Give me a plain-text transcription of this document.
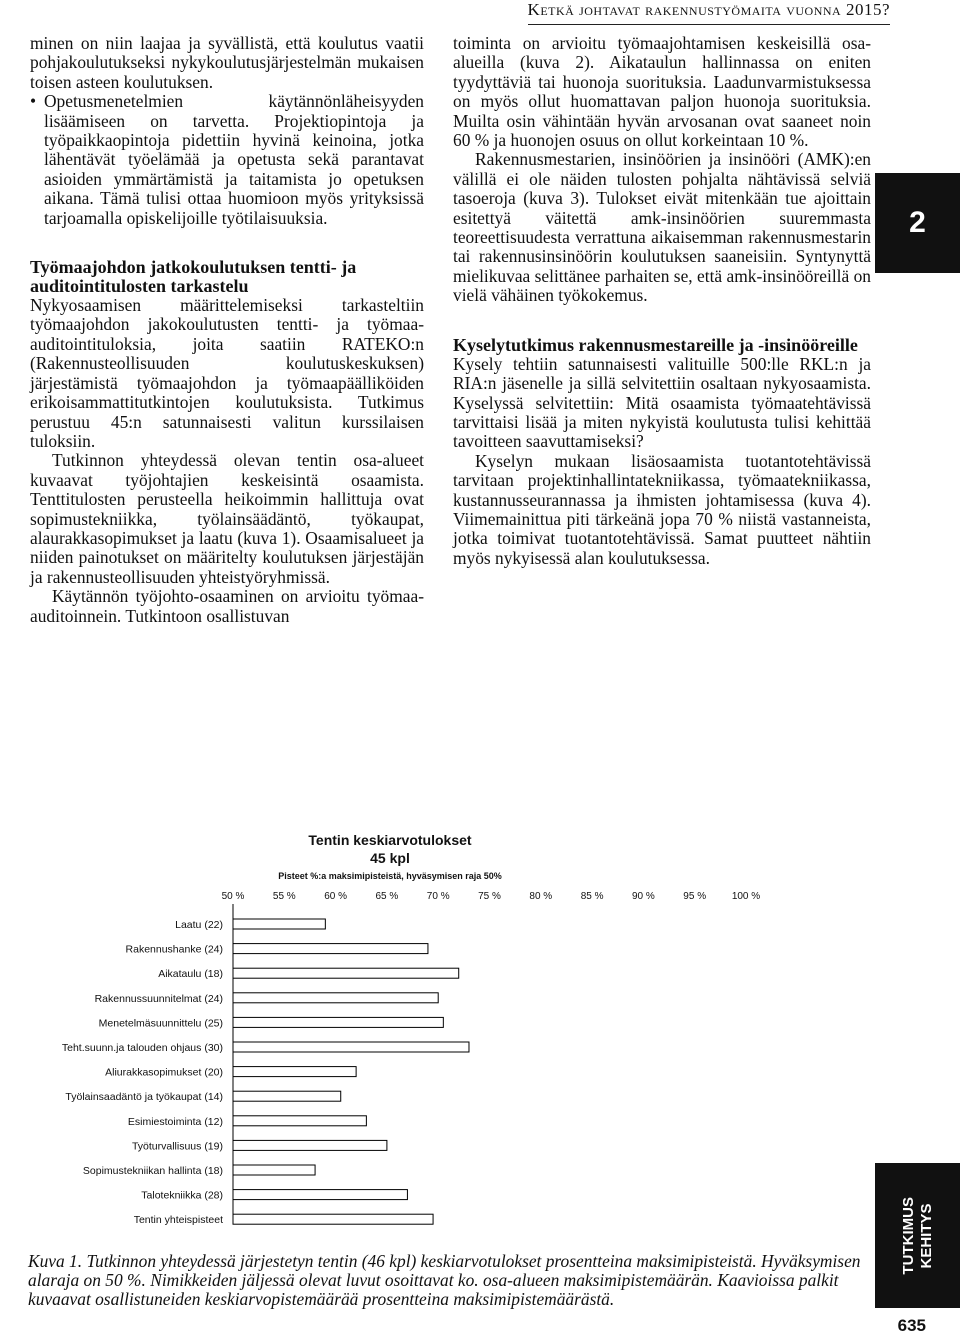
Ketkä johtavat rakennustyömaita vuonna 2015?
2
minen on niin laajaa ja syvällistä, että koulutus vaatii pohjakoulutukseksi nykykoulutusjärjestelmän mukaisen toisen asteen koulutuksen.
• Opetusmenetelmien käytännönläheisyyden lisäämiseen on tarvetta. Projektiopintoja ja työpaikkaopintoja pidettiin hyvinä keinoina, jotka lähentävät työelämää ja opetusta sekä parantavat asioiden ymmärtämistä ja taitamista jo opetuksen aikana. Tämä tulisi ottaa huomioon myös yrityksissä tarjoamalla opiskelijoille työtilaisuuksia.
Työmaajohdon jatkokoulutuksen tentti- ja auditointitulosten tarkastelu

Nykyosaamisen määrittelemiseksi tarkasteltiin työmaajohdon jakokoulutusten tentti- ja työmaa-auditointituloksia, joita saatiin RATEKO:n (Rakennusteollisuuden koulutuskeskuksen) järjestämistä työmaajohdon ja työmaapäälliköiden erikoisammattitutkintojen koulutuksista. Tutkimus perustuu 45:n satunnaisesti valitun kurssilaisen tuloksiin.

Tutkinnon yhteydessä olevan tentin osa-alueet kuvaavat työjohtajien keskeisintä osaamista. Tenttitulosten perusteella heikoimmin hallittuja ovat sopimustekniikka, työlainsäädäntö, työkaupat, alaurakkasopimukset ja laatu (kuva 1). Osaamisalueet ja niiden painotukset on määritelty koulutuksen järjestäjän ja rakennusteollisuuden yhteistyöryhmissä.

Käytännön työjohto-osaaminen on arvioitu työmaa-auditoinnein. Tutkintoon osallistuvan

toiminta on arvioitu työmaajohtamisen keskeisillä osa-alueilla (kuva 2). Aikataulun hallinnassa on eniten tyydyttäviä tai huonoja suorituksia. Laadunvarmistuksessa on myös ollut huomattavan paljon huonoja suorituksia. Muilta osin vähintään hyvän arvosanan ovat saaneet noin 60 % ja huonojen osuus on ollut korkeintaan 10 %.

Rakennusmestarien, insinöörien ja insinööri (AMK):en välillä ei ole näiden tulosten pohjalta nähtävissä selviä tasoeroja (kuva 3). Tulokset eivät mitenkään tue ajoittain esitettyä väitettä amk-insinöörien suuremmasta teoreettisuudesta verrattuna aikaisemman rakennusmestarin tai rakennusinsinöörin koulutuksen saaneisiin. Syntynyttä mielikuvaa selittänee parhaiten se, että amk-insinööreillä on vielä vähäinen työkokemus.

Kyselytutkimus rakennusmestareille ja -insinööreille

Kysely tehtiin satunnaisesti valituille 500:lle RKL:n ja RIA:n jäsenelle ja sillä selvitettiin osaltaan nykyosaamista. Kyselyssä selvitettiin: Mitä osaamista työmaatehtävissä tarvittaisi lisää ja miten nykyistä koulutusta tulisi kehittää tavoitteen saavuttamiseksi?

Kyselyn mukaan lisäosaamista tuotantotehtävissä tarvitaan projektinhallintatekniikassa, työmaatekniikassa, kustannusseurannassa ja ihmisten johtamisessa (kuva 4). Viimemainittua piti tärkeänä jopa 70 % niistä vastanneista, jotka toimivat tuotantotehtävissä. Samat puutteet nähtiin myös nykyisessä alan koulutuksessa.

Tentin keskiarvotulokset
45 kpl
Pisteet %:a maksimipisteistä, hyväsymisen raja 50%
50 %	55 %	60 %	65 %	70 %	75 %	80 %	85 %	90 %	95 %	100 %
Laatu (22)
Rakennushanke (24)
Aikataulu (18)
Rakennussuunnitelmat (24)
Menetelmäsuunnittelu (25)
Teht.suunn.ja talouden ohjaus (30)
Aliurakkasopimukset (20)
Työlainsaadäntö ja työkaupat (14)
Esimiestoiminta (12)
Työturvallisuus (19)
Sopimustekniikan hallinta (18)
Talotekniikka (28)
Tentin yhteispisteet
Kuva 1. Tutkinnon yhteydessä järjestetyn tentin (46 kpl) keskiarvotulokset prosentteina maksimipisteistä. Hyväksymisen alaraja on 50 %. Nimikkeiden jäljessä olevat luvut osoittavat ko. osa-alueen maksimipistemäärän. Kaavioissa palkit kuvaavat osallistuneiden keskiarvopistemäärää prosentteina maksimipistemäärästä.
TUTKIMUS KEHITYS
635
